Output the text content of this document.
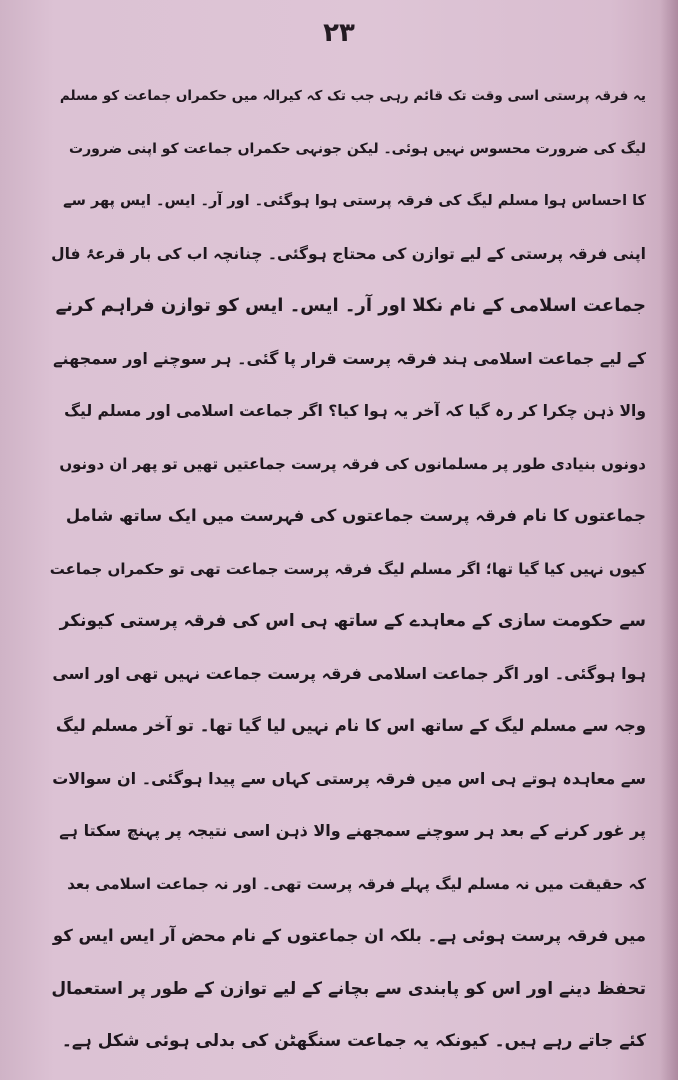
۲۳
یہ فرقہ پرستی اسی وقت تک قائم رہی جب تک کہ کیرالہ میں حکمراں جماعت کو مسلم
لیگ کی ضرورت محسوس نہیں ہوئی۔ لیکن جونہی حکمراں جماعت کو اپنی ضرورت
کا احساس ہوا مسلم لیگ کی فرقہ پرستی ہوا ہوگئی۔ اور آر۔ ایس۔ ایس پھر سے
اپنی فرقہ پرستی کے لیے توازن کی محتاج ہوگئی۔ چنانچہ اب کی بار قرعۂ فال
جماعت اسلامی کے نام نکلا اور آر۔ ایس۔ ایس کو توازن فراہم کرنے
کے لیے جماعت اسلامی ہند فرقہ پرست قرار پا گئی۔ ہر سوچنے اور سمجھنے
والا ذہن چکرا کر رہ گیا کہ آخر یہ ہوا کیا؟ اگر جماعت اسلامی اور مسلم لیگ
دونوں بنیادی طور پر مسلمانوں کی فرقہ پرست جماعتیں تھیں تو پھر ان دونوں
جماعتوں کا نام فرقہ پرست جماعتوں کی فہرست میں ایک ساتھ شامل
کیوں نہیں کیا گیا تھا؛ اگر مسلم لیگ فرقہ پرست جماعت تھی تو حکمراں جماعت
سے حکومت سازی کے معاہدے کے ساتھ ہی اس کی فرقہ پرستی کیونکر
ہوا ہوگئی۔ اور اگر جماعت اسلامی فرقہ پرست جماعت نہیں تھی اور اسی
وجہ سے مسلم لیگ کے ساتھ اس کا نام نہیں لیا گیا تھا۔ تو آخر مسلم لیگ
سے معاہدہ ہوتے ہی اس میں فرقہ پرستی کہاں سے پیدا ہوگئی۔ ان سوالات
پر غور کرنے کے بعد ہر سوچنے سمجھنے والا ذہن اسی نتیجہ پر پہنچ سکتا ہے
کہ حقیقت میں نہ مسلم لیگ پہلے فرقہ پرست تھی۔ اور نہ جماعت اسلامی بعد
میں فرقہ پرست ہوئی ہے۔ بلکہ ان جماعتوں کے نام محض آر ایس ایس کو
تحفظ دینے اور اس کو پابندی سے بچانے کے لیے توازن کے طور پر استعمال
کئے جاتے رہے ہیں۔ کیونکہ یہ جماعت سنگھٹن کی بدلی ہوئی شکل ہے۔
